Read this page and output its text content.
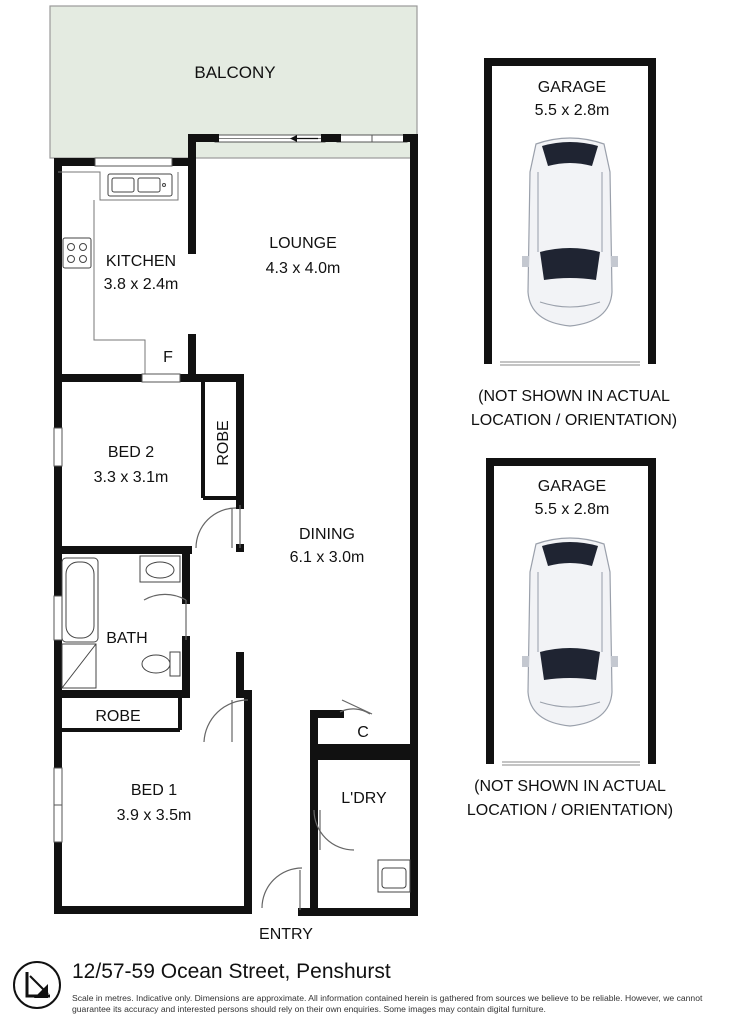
BALCONY
KITCHEN
3.8 x 2.4m
F
LOUNGE
4.3 x 4.0m
BED 2
3.3 x 3.1m
ROBE
DINING
6.1 x 3.0m
BATH
ROBE
BED 1
3.9 x 3.5m
C
L'DRY
ENTRY
GARAGE
5.5 x 2.8m
(NOT SHOWN IN ACTUAL
LOCATION / ORIENTATION)
GARAGE
5.5 x 2.8m
(NOT SHOWN IN ACTUAL
LOCATION / ORIENTATION)
12/57-59 Ocean Street, Penshurst
Scale in metres. Indicative only. Dimensions are approximate. All information contained herein is gathered from sources we believe to be reliable. However, we cannot guarantee its accuracy and interested persons should rely on their own enquiries. Some images may contain digital furniture.
